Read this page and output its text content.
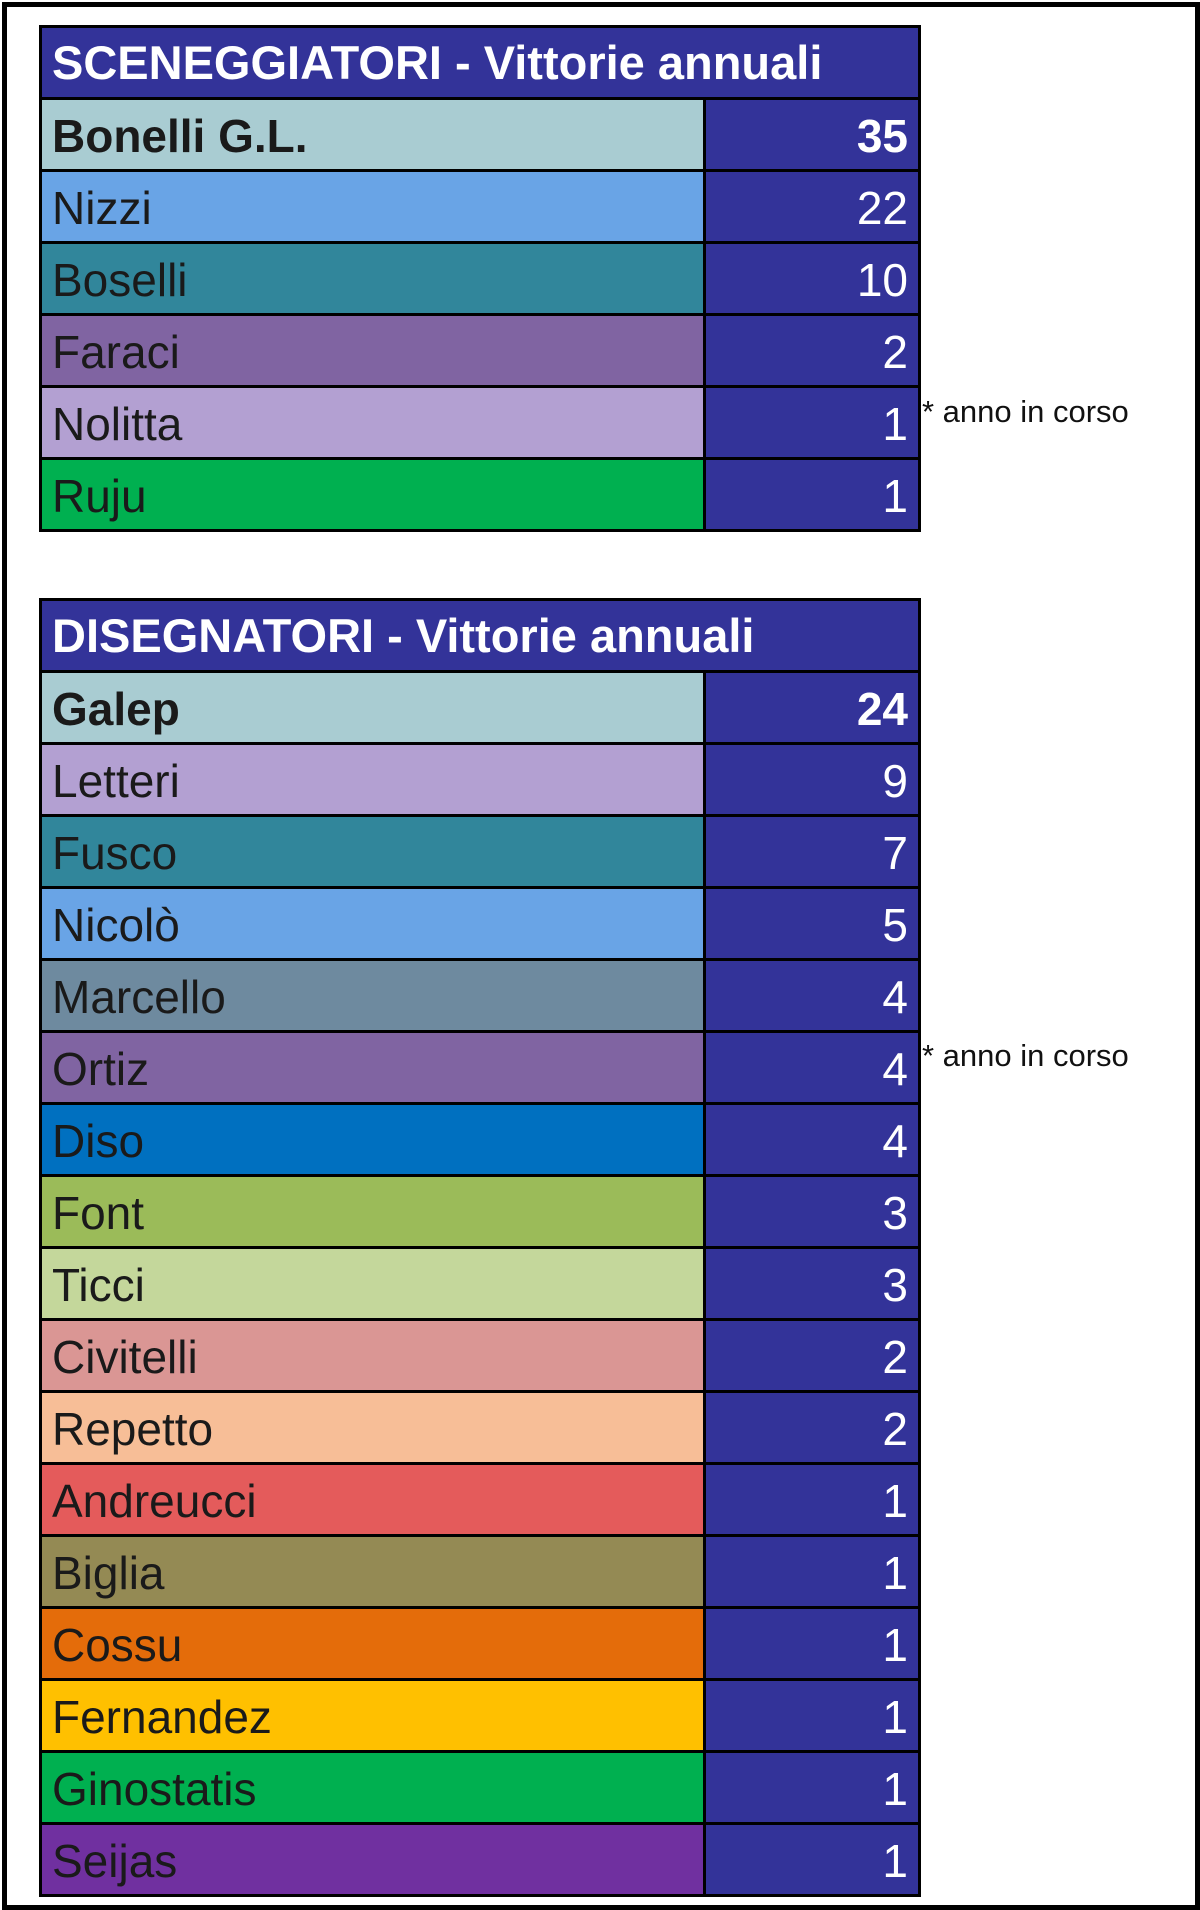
SCENEGGIATORI - Vittorie annuali
Bonelli G.L.	35
Nizzi	22
Boselli	10
Faraci	2
Nolitta	1
Ruju	1
* anno in corso
DISEGNATORI - Vittorie annuali
Galep	24
Letteri	9
Fusco	7
Nicolò	5
Marcello	4
Ortiz	4
Diso	4
Font	3
Ticci	3
Civitelli	2
Repetto	2
Andreucci	1
Biglia	1
Cossu	1
Fernandez	1
Ginostatis	1
Seijas	1
* anno in corso
